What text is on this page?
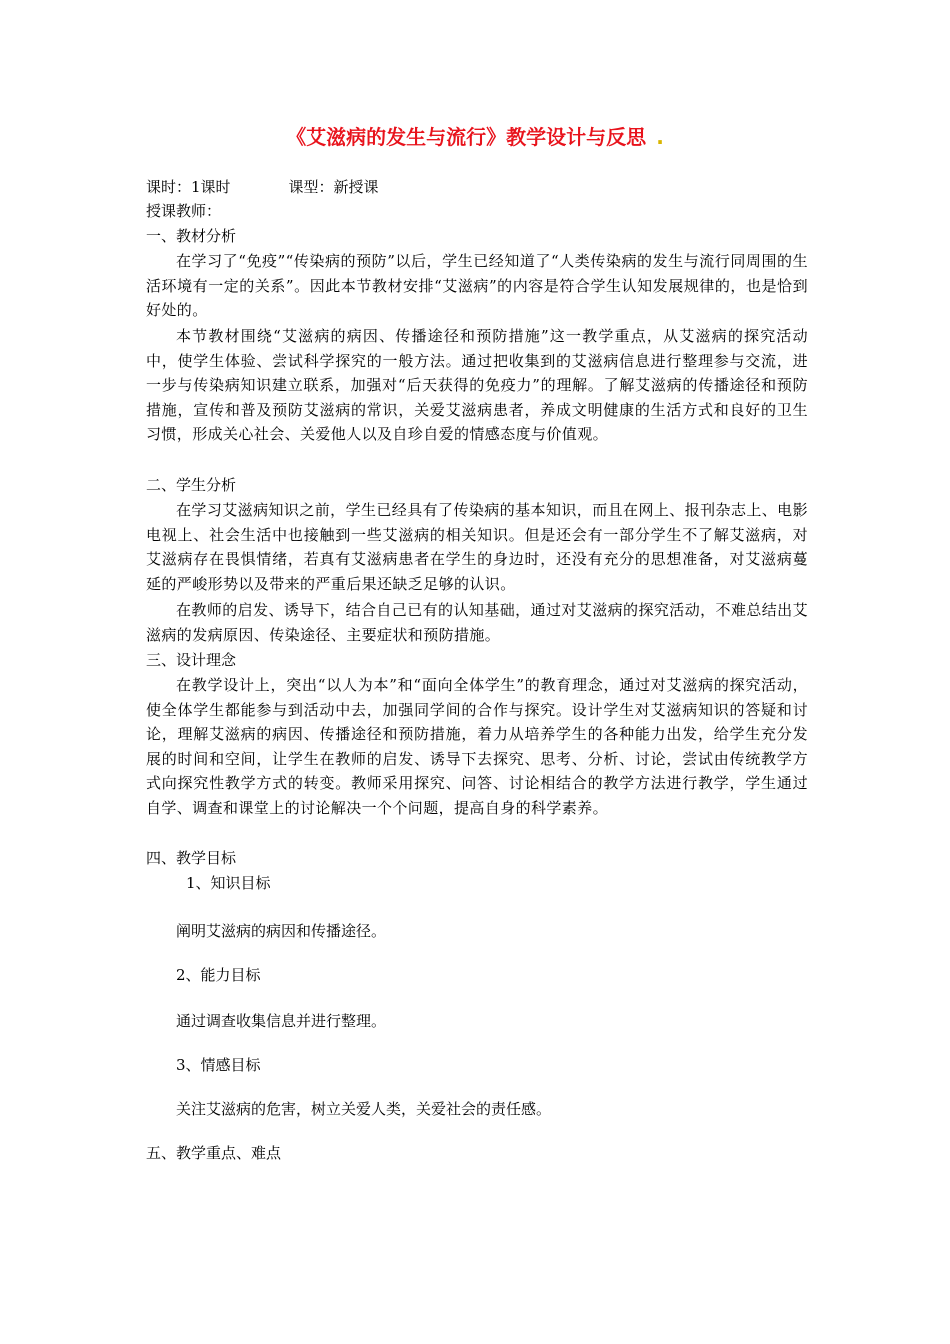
《艾滋病的发生与流行》教学设计与反思 .
课时：1课时	课型：新授课
授课教师：
一、教材分析
在学习了“免疫”“传染病的预防”以后，学生已经知道了“人类传染病的发生与流行同周围的生活环境有一定的关系”。因此本节教材安排“艾滋病”的内容是符合学生认知发展规律的，也是恰到好处的。
本节教材围绕“艾滋病的病因、传播途径和预防措施”这一教学重点，从艾滋病的探究活动中，使学生体验、尝试科学探究的一般方法。通过把收集到的艾滋病信息进行整理参与交流，进一步与传染病知识建立联系，加强对“后天获得的免疫力”的理解。了解艾滋病的传播途径和预防措施，宣传和普及预防艾滋病的常识，关爱艾滋病患者，养成文明健康的生活方式和良好的卫生习惯，形成关心社会、关爱他人以及自珍自爱的情感态度与价值观。
二、学生分析
在学习艾滋病知识之前，学生已经具有了传染病的基本知识，而且在网上、报刊杂志上、电影电视上、社会生活中也接触到一些艾滋病的相关知识。但是还会有一部分学生不了解艾滋病，对艾滋病存在畏惧情绪，若真有艾滋病患者在学生的身边时，还没有充分的思想准备，对艾滋病蔓延的严峻形势以及带来的严重后果还缺乏足够的认识。
在教师的启发、诱导下，结合自己已有的认知基础，通过对艾滋病的探究活动，不难总结出艾滋病的发病原因、传染途径、主要症状和预防措施。
三、设计理念
在教学设计上，突出“以人为本”和“面向全体学生”的教育理念，通过对艾滋病的探究活动，使全体学生都能参与到活动中去，加强同学间的合作与探究。设计学生对艾滋病知识的答疑和讨论，理解艾滋病的病因、传播途径和预防措施，着力从培养学生的各种能力出发，给学生充分发展的时间和空间，让学生在教师的启发、诱导下去探究、思考、分析、讨论，尝试由传统教学方式向探究性教学方式的转变。教师采用探究、问答、讨论相结合的教学方法进行教学，学生通过自学、调查和课堂上的讨论解决一个个问题，提高自身的科学素养。
四、教学目标
1、知识目标
阐明艾滋病的病因和传播途径。
2、能力目标
通过调查收集信息并进行整理。
3、情感目标
关注艾滋病的危害，树立关爱人类，关爱社会的责任感。
五、教学重点、难点
